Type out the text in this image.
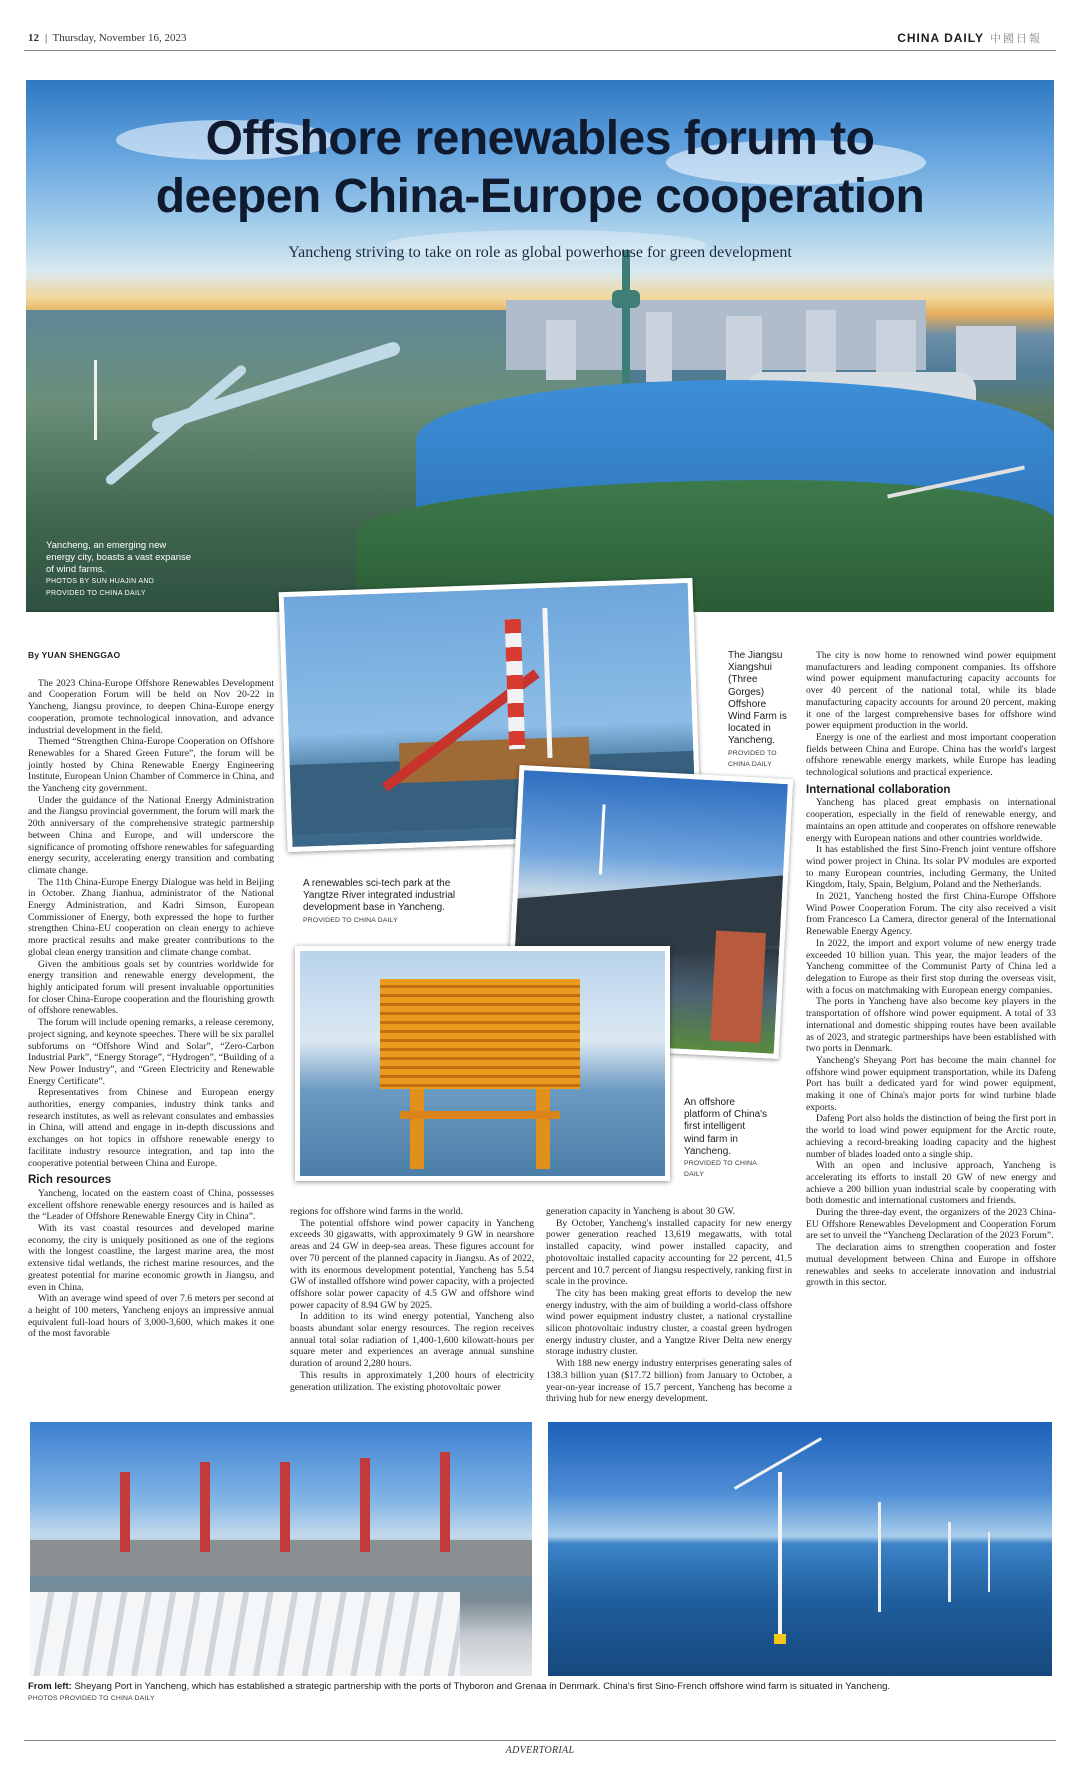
12 | Thursday, November 16, 2023	CHINA DAILY 中國日報
Offshore renewables forum to
deepen China-Europe cooperation
Yancheng striving to take on role as global powerhouse for green development
Yancheng, an emerging new energy city, boasts a vast expanse of wind farms.
PHOTOS BY SUN HUAJIN AND
PROVIDED TO CHINA DAILY
The Jiangsu Xiangshui (Three Gorges) Offshore Wind Farm is located in Yancheng.
PROVIDED TO CHINA DAILY
A renewables sci-tech park at the Yangtze River integrated industrial development base in Yancheng.
PROVIDED TO CHINA DAILY
An offshore platform of China's first intelligent wind farm in Yancheng.
PROVIDED TO CHINA DAILY

By YUAN SHENGGAO

The 2023 China-Europe Offshore Renewables Development and Cooperation Forum will be held on Nov 20-22 in Yancheng, Jiangsu province, to deepen China-Europe energy cooperation, promote technological innovation, and advance industrial development in the field.

Themed “Strengthen China-Europe Cooperation on Offshore Renewables for a Shared Green Future”, the forum will be jointly hosted by China Renewable Energy Engineering Institute, European Union Chamber of Commerce in China, and the Yancheng city government.

Under the guidance of the National Energy Administration and the Jiangsu provincial government, the forum will mark the 20th anniversary of the comprehensive strategic partnership between China and Europe, and will underscore the significance of promoting offshore renewables for safeguarding energy security, accelerating energy transition and combating climate change.

The 11th China-Europe Energy Dialogue was held in Beijing in October. Zhang Jianhua, administrator of the National Energy Administration, and Kadri Simson, European Commissioner of Energy, both expressed the hope to further strengthen China-EU cooperation on clean energy to achieve more practical results and make greater contributions to the global clean energy transition and climate change combat.

Given the ambitious goals set by countries worldwide for energy transition and renewable energy development, the highly anticipated forum will present invaluable opportunities for closer China-Europe cooperation and the flourishing growth of offshore renewables.

The forum will include opening remarks, a release ceremony, project signing, and keynote speeches. There will be six parallel subforums on “Offshore Wind and Solar”, “Zero-Carbon Industrial Park”, “Energy Storage”, “Hydrogen”, “Building of a New Power Industry”, and “Green Electricity and Renewable Energy Certificate”.

Representatives from Chinese and European energy authorities, energy companies, industry think tanks and research institutes, as well as relevant consulates and embassies in China, will attend and engage in in-depth discussions and exchanges on hot topics in offshore renewable energy to facilitate industry resource integration, and tap into the cooperative potential between China and Europe.

Rich resources

Yancheng, located on the eastern coast of China, possesses excellent offshore renewable energy resources and is hailed as the “Leader of Offshore Renewable Energy City in China”.

With its vast coastal resources and developed marine economy, the city is uniquely positioned as one of the regions with the longest coastline, the largest marine area, the most extensive tidal wetlands, the richest marine resources, and the greatest potential for marine economic growth in Jiangsu, and even in China.

With an average wind speed of over 7.6 meters per second at a height of 100 meters, Yancheng enjoys an impressive annual equivalent full-load hours of 3,000-3,600, which makes it one of the most favorable

regions for offshore wind farms in the world.

The potential offshore wind power capacity in Yancheng exceeds 30 gigawatts, with approximately 9 GW in nearshore areas and 24 GW in deep-sea areas. These figures account for over 70 percent of the planned capacity in Jiangsu. As of 2022, with its enormous development potential, Yancheng has 5.54 GW of installed offshore wind power capacity, with a projected offshore solar power capacity of 4.5 GW and offshore wind power capacity of 8.94 GW by 2025.

In addition to its wind energy potential, Yancheng also boasts abundant solar energy resources. The region receives annual total solar radiation of 1,400-1,600 kilowatt-hours per square meter and experiences an average annual sunshine duration of around 2,280 hours.

This results in approximately 1,200 hours of electricity generation utilization. The existing photovoltaic power

generation capacity in Yancheng is about 30 GW.

By October, Yancheng's installed capacity for new energy power generation reached 13,619 megawatts, with total installed capacity, wind power installed capacity, and photovoltaic installed capacity accounting for 22 percent, 41.5 percent and 10.7 percent of Jiangsu respectively, ranking first in scale in the province.

The city has been making great efforts to develop the new energy industry, with the aim of building a world-class offshore wind power equipment industry cluster, a national crystalline silicon photovoltaic industry cluster, a coastal green hydrogen energy industry cluster, and a Yangtze River Delta new energy storage industry cluster.

With 188 new energy industry enterprises generating sales of 138.3 billion yuan ($17.72 billion) from January to October, a year-on-year increase of 15.7 percent, Yancheng has become a thriving hub for new energy development.

The city is now home to renowned wind power equipment manufacturers and leading component companies. Its offshore wind power equipment manufacturing capacity accounts for over 40 percent of the national total, while its blade manufacturing capacity accounts for around 20 percent, making it one of the largest comprehensive bases for offshore wind power equipment production in the world.

Energy is one of the earliest and most important cooperation fields between China and Europe. China has the world's largest offshore renewable energy markets, while Europe has leading technological solutions and practical experience.

International collaboration

Yancheng has placed great emphasis on international cooperation, especially in the field of renewable energy, and maintains an open attitude and cooperates on offshore renewable energy with European nations and other countries worldwide.

It has established the first Sino-French joint venture offshore wind power project in China. Its solar PV modules are exported to many European countries, including Germany, the United Kingdom, Italy, Spain, Belgium, Poland and the Netherlands.

In 2021, Yancheng hosted the first China-Europe Offshore Wind Power Cooperation Forum. The city also received a visit from Francesco La Camera, director general of the International Renewable Energy Agency.

In 2022, the import and export volume of new energy trade exceeded 10 billion yuan. This year, the major leaders of the Yancheng committee of the Communist Party of China led a delegation to Europe as their first stop during the overseas visit, with a focus on matchmaking with European energy companies.

The ports in Yancheng have also become key players in the transportation of offshore wind power equipment. A total of 33 international and domestic shipping routes have been available as of 2023, and strategic partnerships have been established with two ports in Denmark.

Yancheng's Sheyang Port has become the main channel for offshore wind power equipment transportation, while its Dafeng Port has built a dedicated yard for wind power equipment, making it one of China's major ports for wind turbine blade exports.

Dafeng Port also holds the distinction of being the first port in the world to load wind power equipment for the Arctic route, achieving a record-breaking loading capacity and the highest number of blades loaded onto a single ship.

With an open and inclusive approach, Yancheng is accelerating its efforts to install 20 GW of new energy and achieve a 200 billion yuan industrial scale by cooperating with both domestic and international customers and friends.

During the three-day event, the organizers of the 2023 China-EU Offshore Renewables Development and Cooperation Forum are set to unveil the “Yancheng Declaration of the 2023 Forum”.

The declaration aims to strengthen cooperation and foster mutual development between China and Europe in offshore renewables and seeks to accelerate innovation and industrial growth in this sector.

From left: Sheyang Port in Yancheng, which has established a strategic partnership with the ports of Thyboron and Grenaa in Denmark. China's first Sino-French offshore wind farm is situated in Yancheng.
PHOTOS PROVIDED TO CHINA DAILY
ADVERTORIAL
